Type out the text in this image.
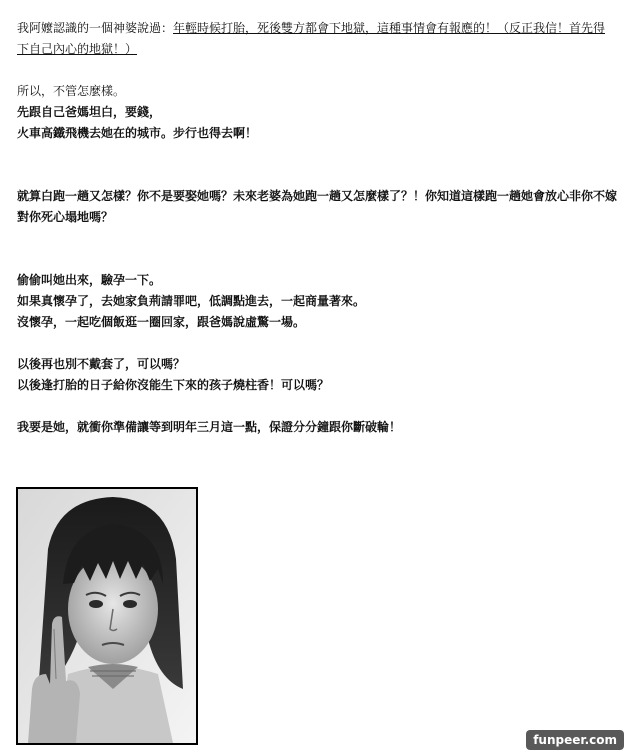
我阿嬤認識的一個神婆說過：年輕時候打胎，死後雙方都會下地獄，這種事情會有報應的！（反正我信！首先得下自己內心的地獄！）

所以，不管怎麼樣。

先跟自己爸媽坦白，要錢，

火車高鐵飛機去她在的城市。步行也得去啊！

就算白跑一趟又怎樣？你不是要娶她嗎？未來老婆為她跑一趟又怎麼樣了？！你知道這樣跑一趟她會放心非你不嫁對你死心塌地嗎？

偷偷叫她出來，驗孕一下。

如果真懷孕了，去她家負荊請罪吧，低調點進去，一起商量著來。

沒懷孕，一起吃個飯逛一圈回家，跟爸媽說虛驚一場。

以後再也別不戴套了，可以嗎？

以後逢打胎的日子給你沒能生下來的孩子燒柱香！可以嗎？

我要是她，就衝你準備讓等到明年三月這一點，保證分分鐘跟你斷破輪！

funpeer.com
